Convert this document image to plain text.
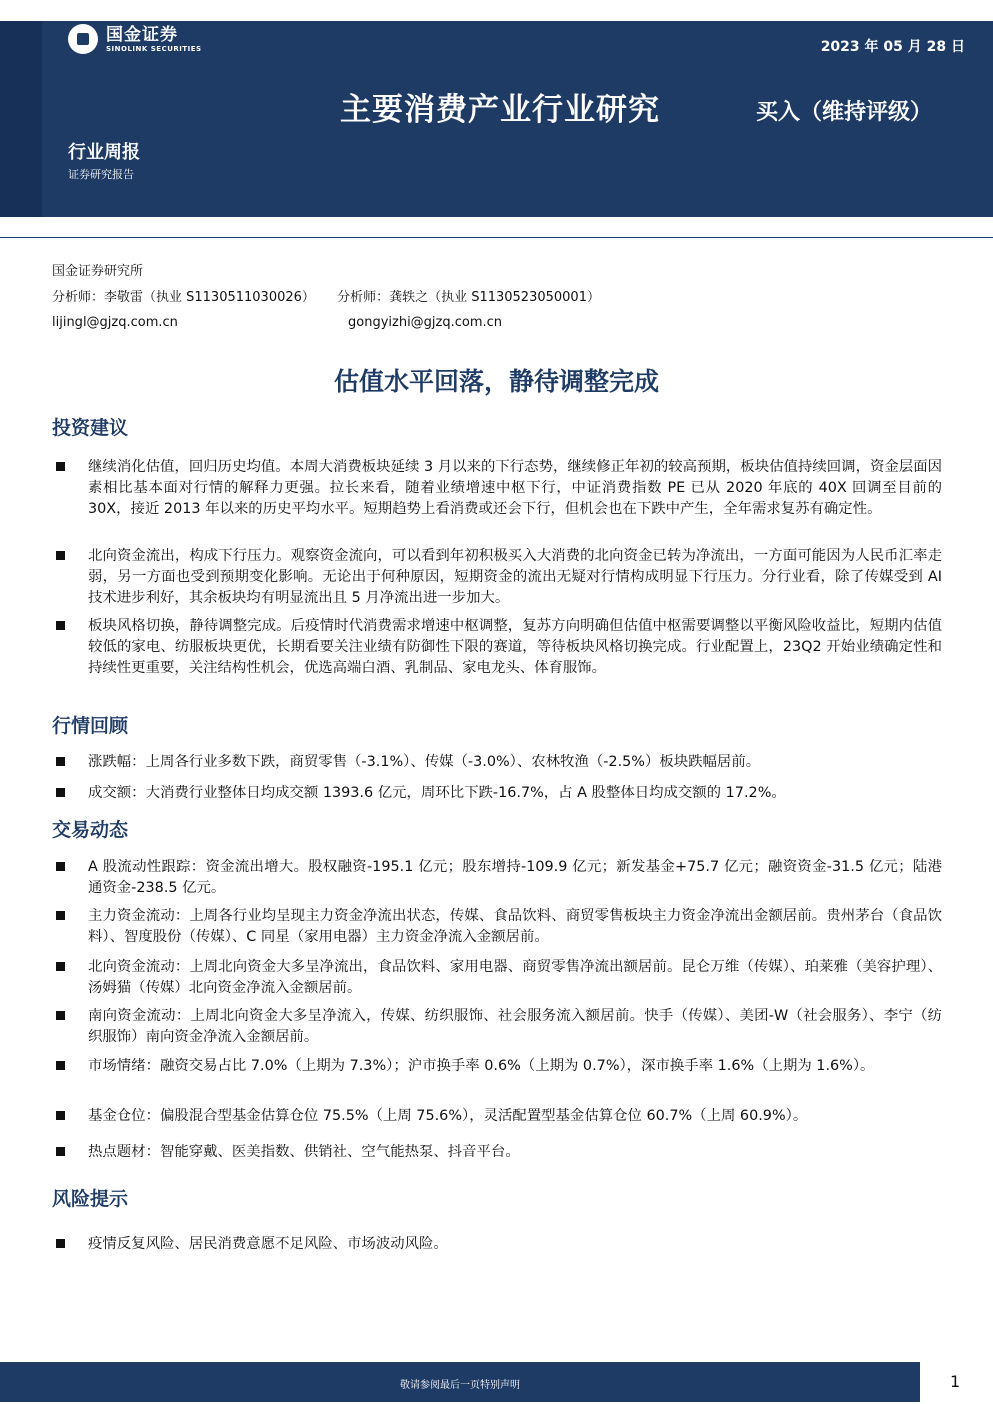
国金证券
SINOLINK SECURITIES	2023 年 05 月 28 日
主要消费产业行业研究	买入（维持评级）
行业周报
证券研究报告
国金证券研究所
分析师：李敬雷（执业 S1130511030026） 分析师：龚轶之（执业 S1130523050001）
lijingl@gjzq.com.cn	gongyizhi@gjzq.com.cn
估值水平回落，静待调整完成
投资建议
继续消化估值，回归历史均值。本周大消费板块延续 3 月以来的下行态势，继续修正年初的较高预期，板块估值持续回调，资金层面因素相比基本面对行情的解释力更强。拉长来看，随着业绩增速中枢下行，中证消费指数 PE 已从 2020 年底的 40X 回调至目前的 30X，接近 2013 年以来的历史平均水平。短期趋势上看消费或还会下行，但机会也在下跌中产生，全年需求复苏有确定性。
北向资金流出，构成下行压力。观察资金流向，可以看到年初积极买入大消费的北向资金已转为净流出，一方面可能因为人民币汇率走弱，另一方面也受到预期变化影响。无论出于何种原因，短期资金的流出无疑对行情构成明显下行压力。分行业看，除了传媒受到 AI 技术进步利好，其余板块均有明显流出且 5 月净流出进一步加大。
板块风格切换，静待调整完成。后疫情时代消费需求增速中枢调整，复苏方向明确但估值中枢需要调整以平衡风险收益比，短期内估值较低的家电、纺服板块更优，长期看要关注业绩有防御性下限的赛道，等待板块风格切换完成。行业配置上，23Q2 开始业绩确定性和持续性更重要，关注结构性机会，优选高端白酒、乳制品、家电龙头、体育服饰。
行情回顾
涨跌幅：上周各行业多数下跌，商贸零售（-3.1%）、传媒（-3.0%）、农林牧渔（-2.5%）板块跌幅居前。
成交额：大消费行业整体日均成交额 1393.6 亿元，周环比下跌-16.7%，占 A 股整体日均成交额的 17.2%。
交易动态
A 股流动性跟踪：资金流出增大。股权融资-195.1 亿元；股东增持-109.9 亿元；新发基金+75.7 亿元；融资资金-31.5 亿元；陆港通资金-238.5 亿元。
主力资金流动：上周各行业均呈现主力资金净流出状态，传媒、食品饮料、商贸零售板块主力资金净流出金额居前。贵州茅台（食品饮料）、智度股份（传媒）、C 同星（家用电器）主力资金净流入金额居前。
北向资金流动：上周北向资金大多呈净流出，食品饮料、家用电器、商贸零售净流出额居前。昆仑万维（传媒）、珀莱雅（美容护理）、汤姆猫（传媒）北向资金净流入金额居前。
南向资金流动：上周北向资金大多呈净流入，传媒、纺织服饰、社会服务流入额居前。快手（传媒）、美团-W（社会服务）、李宁（纺织服饰）南向资金净流入金额居前。
市场情绪：融资交易占比 7.0%（上期为 7.3%）；沪市换手率 0.6%（上期为 0.7%），深市换手率 1.6%（上期为 1.6%）。
基金仓位：偏股混合型基金估算仓位 75.5%（上周 75.6%），灵活配置型基金估算仓位 60.7%（上周 60.9%）。
热点题材：智能穿戴、医美指数、供销社、空气能热泵、抖音平台。
风险提示
疫情反复风险、居民消费意愿不足风险、市场波动风险。
敬请参阅最后一页特别声明	1
